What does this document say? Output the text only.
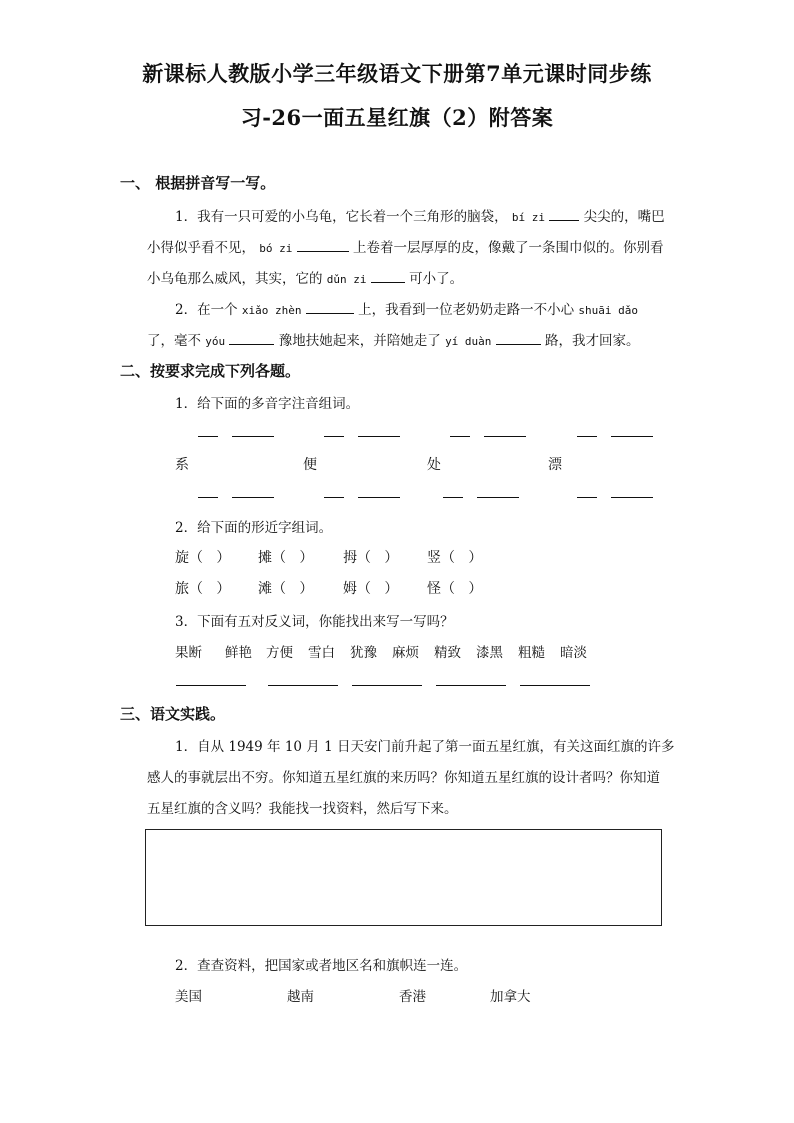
新课标人教版小学三年级语文下册第7单元课时同步练
习-26一面五星红旗（2）附答案
一、 根据拼音写一写。
1．我有一只可爱的小乌龟，它长着一个三角形的脑袋， bí zi	尖尖的，嘴巴
小得似乎看不见， bó zi	上卷着一层厚厚的皮，像戴了一条围巾似的。你别看
小乌龟那么威风，其实，它的 dǔn zi	可小了。
2．在一个 xiǎo zhèn	上，我看到一位老奶奶走路一不小心 shuāi dǎo
了，毫不 yóu	豫地扶她起来，并陪她走了 yí duàn	路，我才回家。
二、按要求完成下列各题。
1．给下面的多音字注音组词。
系	便	处	漂
2．给下面的形近字组词。
旋（   ） 摊（   ） 拇（   ） 竖（   ）
旅（   ） 滩（   ） 姆（   ） 怪（   ）
3．下面有五对反义词，你能找出来写一写吗？
果断 鲜艳 方便 雪白 犹豫 麻烦 精致 漆黑 粗糙 暗淡
三、语文实践。
1．自从 1949 年 10 月 1 日天安门前升起了第一面五星红旗，有关这面红旗的许多
感人的事就层出不穷。你知道五星红旗的来历吗？你知道五星红旗的设计者吗？你知道
五星红旗的含义吗？我能找一找资料，然后写下来。
2．查查资料，把国家或者地区名和旗帜连一连。
美国	越南	香港	加拿大
